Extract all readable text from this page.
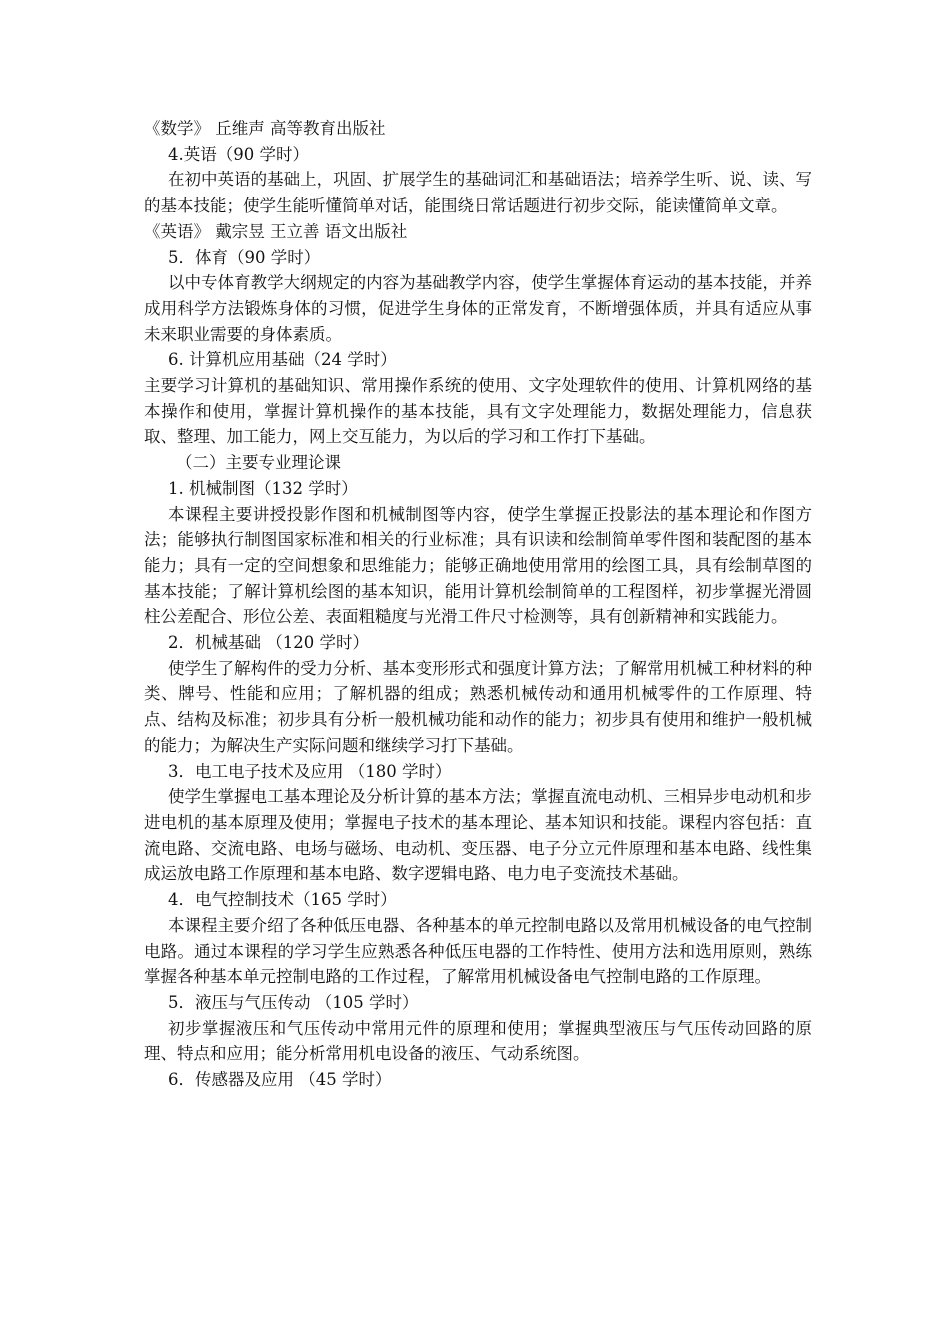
《数学》 丘维声 高等教育出版社
4.英语（90 学时）
在初中英语的基础上，巩固、扩展学生的基础词汇和基础语法；培养学生听、说、读、写的基本技能；使学生能听懂简单对话，能围绕日常话题进行初步交际，能读懂简单文章。
《英语》 戴宗昱 王立善 语文出版社
5．体育（90 学时）
以中专体育教学大纲规定的内容为基础教学内容，使学生掌握体育运动的基本技能，并养成用科学方法锻炼身体的习惯，促进学生身体的正常发育，不断增强体质，并具有适应从事未来职业需要的身体素质。
6. 计算机应用基础（24 学时）
主要学习计算机的基础知识、常用操作系统的使用、文字处理软件的使用、计算机网络的基本操作和使用，掌握计算机操作的基本技能，具有文字处理能力，数据处理能力，信息获取、整理、加工能力，网上交互能力，为以后的学习和工作打下基础。
（二）主要专业理论课
1. 机械制图（132 学时）
本课程主要讲授投影作图和机械制图等内容，使学生掌握正投影法的基本理论和作图方法；能够执行制图国家标准和相关的行业标准；具有识读和绘制简单零件图和装配图的基本能力；具有一定的空间想象和思维能力；能够正确地使用常用的绘图工具，具有绘制草图的基本技能；了解计算机绘图的基本知识，能用计算机绘制简单的工程图样，初步掌握光滑圆柱公差配合、形位公差、表面粗糙度与光滑工件尺寸检测等，具有创新精神和实践能力。
2．机械基础 （120 学时）
使学生了解构件的受力分析、基本变形形式和强度计算方法；了解常用机械工种材料的种类、牌号、性能和应用；了解机器的组成；熟悉机械传动和通用机械零件的工作原理、特点、结构及标准；初步具有分析一般机械功能和动作的能力；初步具有使用和维护一般机械的能力；为解决生产实际问题和继续学习打下基础。
3．电工电子技术及应用 （180 学时）
使学生掌握电工基本理论及分析计算的基本方法；掌握直流电动机、三相异步电动机和步进电机的基本原理及使用；掌握电子技术的基本理论、基本知识和技能。课程内容包括：直流电路、交流电路、电场与磁场、电动机、变压器、电子分立元件原理和基本电路、线性集成运放电路工作原理和基本电路、数字逻辑电路、电力电子变流技术基础。
4．电气控制技术（165 学时）
本课程主要介绍了各种低压电器、各种基本的单元控制电路以及常用机械设备的电气控制电路。通过本课程的学习学生应熟悉各种低压电器的工作特性、使用方法和选用原则，熟练掌握各种基本单元控制电路的工作过程，了解常用机械设备电气控制电路的工作原理。
5．液压与气压传动 （105 学时）
初步掌握液压和气压传动中常用元件的原理和使用；掌握典型液压与气压传动回路的原理、特点和应用；能分析常用机电设备的液压、气动系统图。
6．传感器及应用 （45 学时）
